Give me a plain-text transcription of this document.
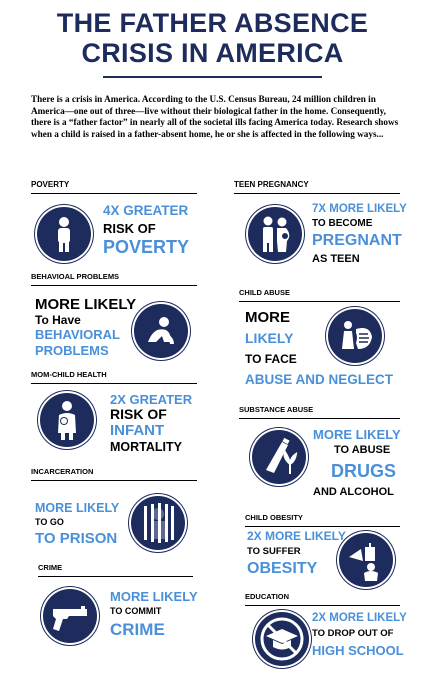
THE FATHER ABSENCE
CRISIS IN AMERICA
There is a crisis in America. According to the U.S. Census Bureau, 24 million children in America—one out of three—live without their biological father in the home. Consequently, there is a “father factor” in nearly all of the societal ills facing America today. Research shows when a child is raised in a father-absent home, he or she is affected in the following ways...
POVERTY
4X GREATER
RISK OF
POVERTY
BEHAVIOAL PROBLEMS
MORE LIKELY
To Have
BEHAVIORAL
PROBLEMS
MOM-CHILD HEALTH
2X GREATER
RISK OF
INFANT
MORTALITY
INCARCERATION
MORE LIKELY
TO GO
TO PRISON
CRIME
MORE LIKELY
TO COMMIT
CRIME
TEEN PREGNANCY
7X MORE LIKELY
TO BECOME
PREGNANT
AS TEEN
CHILD ABUSE
MORE
LIKELY
TO FACE
ABUSE AND NEGLECT
SUBSTANCE ABUSE
MORE LIKELY
TO ABUSE
DRUGS
AND ALCOHOL
CHILD OBESITY
2X MORE LIKELY
TO SUFFER
OBESITY
EDUCATION
2X MORE LIKELY
TO DROP OUT OF
HIGH SCHOOL
